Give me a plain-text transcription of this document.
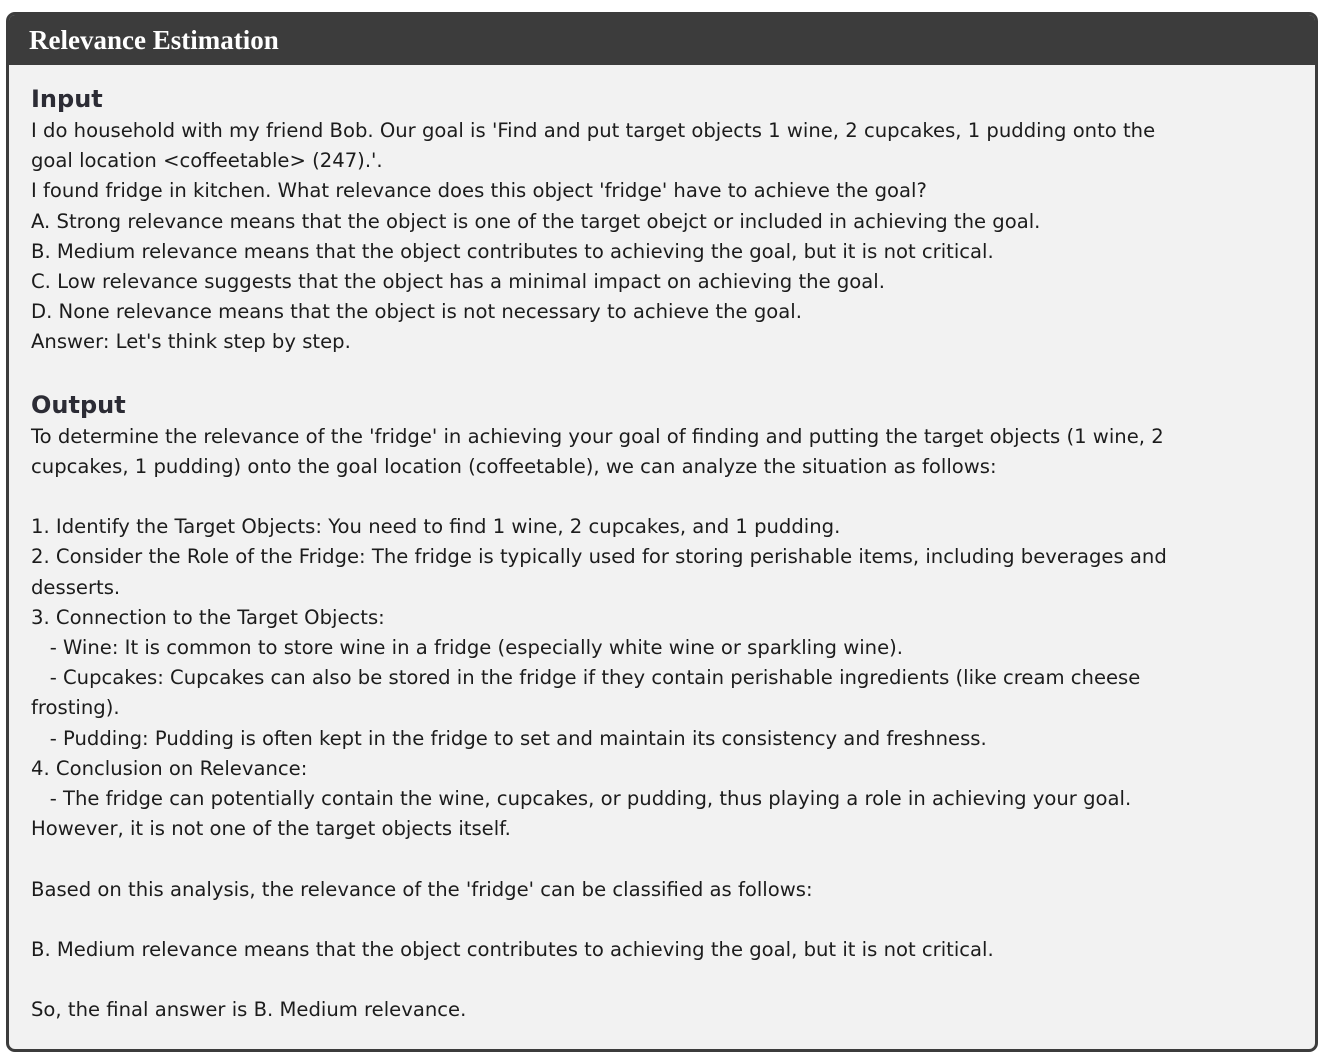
Relevance Estimation

Input

I do household with my friend Bob. Our goal is 'Find and put target objects 1 wine, 2 cupcakes, 1 pudding onto the

goal location <coffeetable> (247).'.

I found fridge in kitchen. What relevance does this object 'fridge' have to achieve the goal?

A. Strong relevance means that the object is one of the target obejct or included in achieving the goal.

B. Medium relevance means that the object contributes to achieving the goal, but it is not critical.

C. Low relevance suggests that the object has a minimal impact on achieving the goal.

D. None relevance means that the object is not necessary to achieve the goal.

Answer: Let's think step by step.

Output

To determine the relevance of the 'fridge' in achieving your goal of finding and putting the target objects (1 wine, 2

cupcakes, 1 pudding) onto the goal location (coffeetable), we can analyze the situation as follows:

1. Identify the Target Objects: You need to find 1 wine, 2 cupcakes, and 1 pudding.

2. Consider the Role of the Fridge: The fridge is typically used for storing perishable items, including beverages and

desserts.

3. Connection to the Target Objects:

- Wine: It is common to store wine in a fridge (especially white wine or sparkling wine).

- Cupcakes: Cupcakes can also be stored in the fridge if they contain perishable ingredients (like cream cheese

frosting).

- Pudding: Pudding is often kept in the fridge to set and maintain its consistency and freshness.

4. Conclusion on Relevance:

- The fridge can potentially contain the wine, cupcakes, or pudding, thus playing a role in achieving your goal.

However, it is not one of the target objects itself.

Based on this analysis, the relevance of the 'fridge' can be classified as follows:

B. Medium relevance means that the object contributes to achieving the goal, but it is not critical.

So, the final answer is B. Medium relevance.
